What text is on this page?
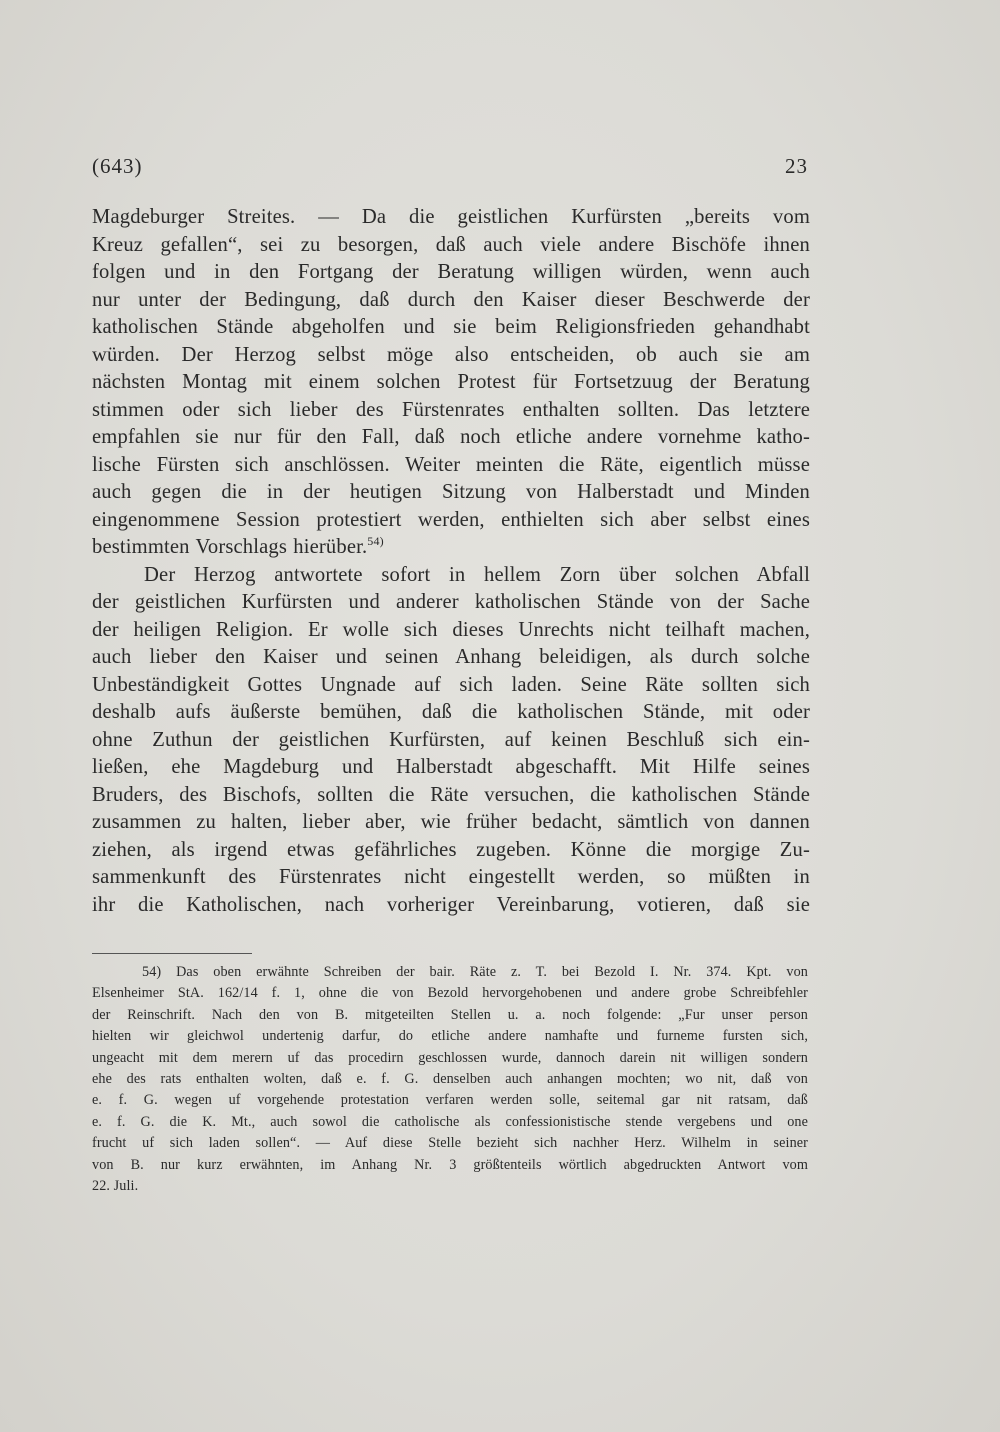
(643)	23
Magdeburger Streites. — Da die geistlichen Kurfürsten „bereits vom
Kreuz gefallen“, sei zu besorgen, daß auch viele andere Bischöfe ihnen
folgen und in den Fortgang der Beratung willigen würden, wenn auch
nur unter der Bedingung, daß durch den Kaiser dieser Beschwerde der
katholischen Stände abgeholfen und sie beim Religionsfrieden gehandhabt
würden. Der Herzog selbst möge also entscheiden, ob auch sie am
nächsten Montag mit einem solchen Protest für Fortsetzuug der Beratung
stimmen oder sich lieber des Fürstenrates enthalten sollten. Das letztere
empfahlen sie nur für den Fall, daß noch etliche andere vornehme katho-
lische Fürsten sich anschlössen. Weiter meinten die Räte, eigentlich müsse
auch gegen die in der heutigen Sitzung von Halberstadt und Minden
eingenommene Session protestiert werden, enthielten sich aber selbst eines
bestimmten Vorschlags hierüber.$^{54)}$
Der Herzog antwortete sofort in hellem Zorn über solchen Abfall
der geistlichen Kurfürsten und anderer katholischen Stände von der Sache
der heiligen Religion. Er wolle sich dieses Unrechts nicht teilhaft machen,
auch lieber den Kaiser und seinen Anhang beleidigen, als durch solche
Unbeständigkeit Gottes Ungnade auf sich laden. Seine Räte sollten sich
deshalb aufs äußerste bemühen, daß die katholischen Stände, mit oder
ohne Zuthun der geistlichen Kurfürsten, auf keinen Beschluß sich ein-
ließen, ehe Magdeburg und Halberstadt abgeschafft. Mit Hilfe seines
Bruders, des Bischofs, sollten die Räte versuchen, die katholischen Stände
zusammen zu halten, lieber aber, wie früher bedacht, sämtlich von dannen
ziehen, als irgend etwas gefährliches zugeben. Könne die morgige Zu-
sammenkunft des Fürstenrates nicht eingestellt werden, so müßten in
ihr die Katholischen, nach vorheriger Vereinbarung, votieren, daß sie
54) Das oben erwähnte Schreiben der bair. Räte z. T. bei Bezold I. Nr. 374. Kpt. von
Elsenheimer StA. 162/14 f. 1, ohne die von Bezold hervorgehobenen und andere grobe Schreibfehler
der Reinschrift. Nach den von B. mitgeteilten Stellen u. a. noch folgende: „Fur unser person
hielten wir gleichwol undertenig darfur, do etliche andere namhafte und furneme fursten sich,
ungeacht mit dem merern uf das procedirn geschlossen wurde, dannoch darein nit willigen sondern
ehe des rats enthalten wolten, daß e. f. G. denselben auch anhangen mochten; wo nit, daß von
e. f. G. wegen uf vorgehende protestation verfaren werden solle, seitemal gar nit ratsam, daß
e. f. G. die K. Mt., auch sowol die catholische als confessionistische stende vergebens und one
frucht uf sich laden sollen“. — Auf diese Stelle bezieht sich nachher Herz. Wilhelm in seiner
von B. nur kurz erwähnten, im Anhang Nr. 3 größtenteils wörtlich abgedruckten Antwort vom
22. Juli.
